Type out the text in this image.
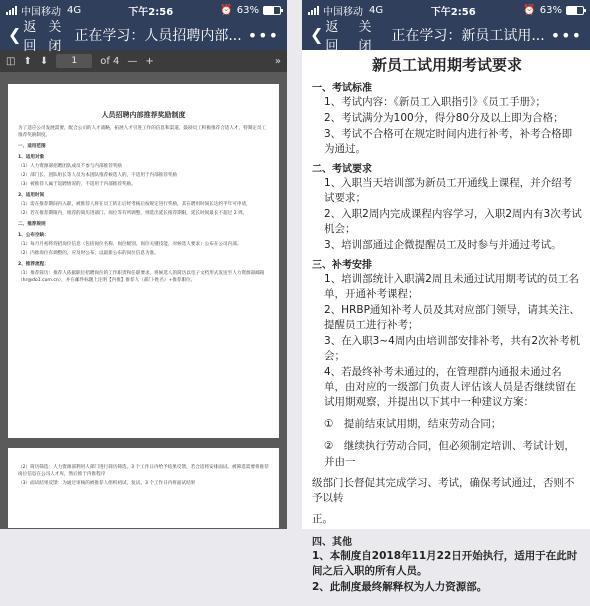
中国移动 4G	下午2:56	⏰ 63%
❮ 返回
关闭
正在学习：人员招聘内部... •••
◫ ⬆ ⬇	1	of 4 — +	»
人员招聘内部推荐奖励制度

为了适应公司发展需要，配合公司的人才战略，拓展人才引进工作的信息和渠道，鼓励员工积极推荐合适人才，特制定员工推荐奖励制度。

一、适用范围

1、适用对象

（1）人力资源部招聘团队成员不参与内部推荐奖励

（2）部门长、团队组长等人员为本团队推荐候选人的，不适用于内部推荐奖励

（3）被推荐人属于返聘情况的，不适用于内部推荐奖励。

2、适用时间

（1）需在推荐期间内入职，被推荐人将在员工转正后经考核后按规定进行奖励，其在聘用时间长达约半年可申请，

（2）若在推荐期限内，推荐的简历进部门、岗位等有所调整，则选出延长推荐期限，延长时间最长不超过 2 周。

二、推荐规则

1、公布空缺：

（1）每月月初将待招岗位信息（包括岗位名称、岗位级别、岗位关键技能、对候选人要求）公布在公司内部。

（2）内推岗位有调整的，应及时公布，以最新公布的岗位信息为准。

2、推荐流程：

（1）推荐简历：推荐人依据职位招聘岗位的工作职责和任职要求，将候选人的简历以电子文档形式发送至人力资源部邮箱（hr@do1.com.cn），并在邮件标题上注明【内推】推荐人（部门-姓名）+推荐职位。

（2）简历筛选：人力资源部利用人部门进行简历筛选，3 个工作日内给予结果反馈，若合适将安排面试。被筛选需要将推荐岗位信息在公司人才库，然后推于内推程序

（3）面试结果反馈：为通过审核的被推荐人组织初试、复试，3 个工作日内将面试结果

中国移动 4G	下午2:56	⏰ 63%
❮ 返回
关闭
正在学习：新员工试用... •••
新员工试用期考试要求
一、考试标准
1、考试内容：《新员工入职指引》《员工手册》；
2、考试满分为100分，得分80分及以上即为合格；
3、考试不合格可在规定时间内进行补考，补考合格即为通过。
二、考试要求
1、入职当天培训部为新员工开通线上课程，并介绍考试要求；
2、入职2周内完成课程内容学习，入职2周内有3次考试机会；
3、培训部通过企微提醒员工及时参与并通过考试。
三、补考安排
1、培训部统计入职满2周且未通过试用期考试的员工名单，开通补考课程；
2、HRBP通知补考人员及其对应部门领导，请其关注、提醒员工进行补考；
3、在入职3~4周内由培训部安排补考，共有2次补考机会；
4、若最终补考未通过的，在管理群内通报未通过名单，由对应的一级部门负责人评估该人员是否继续留在试用期观察，并提出以下其中一种建议方案：
①　提前结束试用期，结束劳动合同；
②　继续执行劳动合同，但必须制定培训、考试计划，并由一
级部门长督促其完成学习、考试，确保考试通过，否则不予以转
正。
四、其他
1、本制度自2018年11月22日开始执行，适用于在此时间之后入职的所有人员。
2、此制度最终解释权为人力资源部。
